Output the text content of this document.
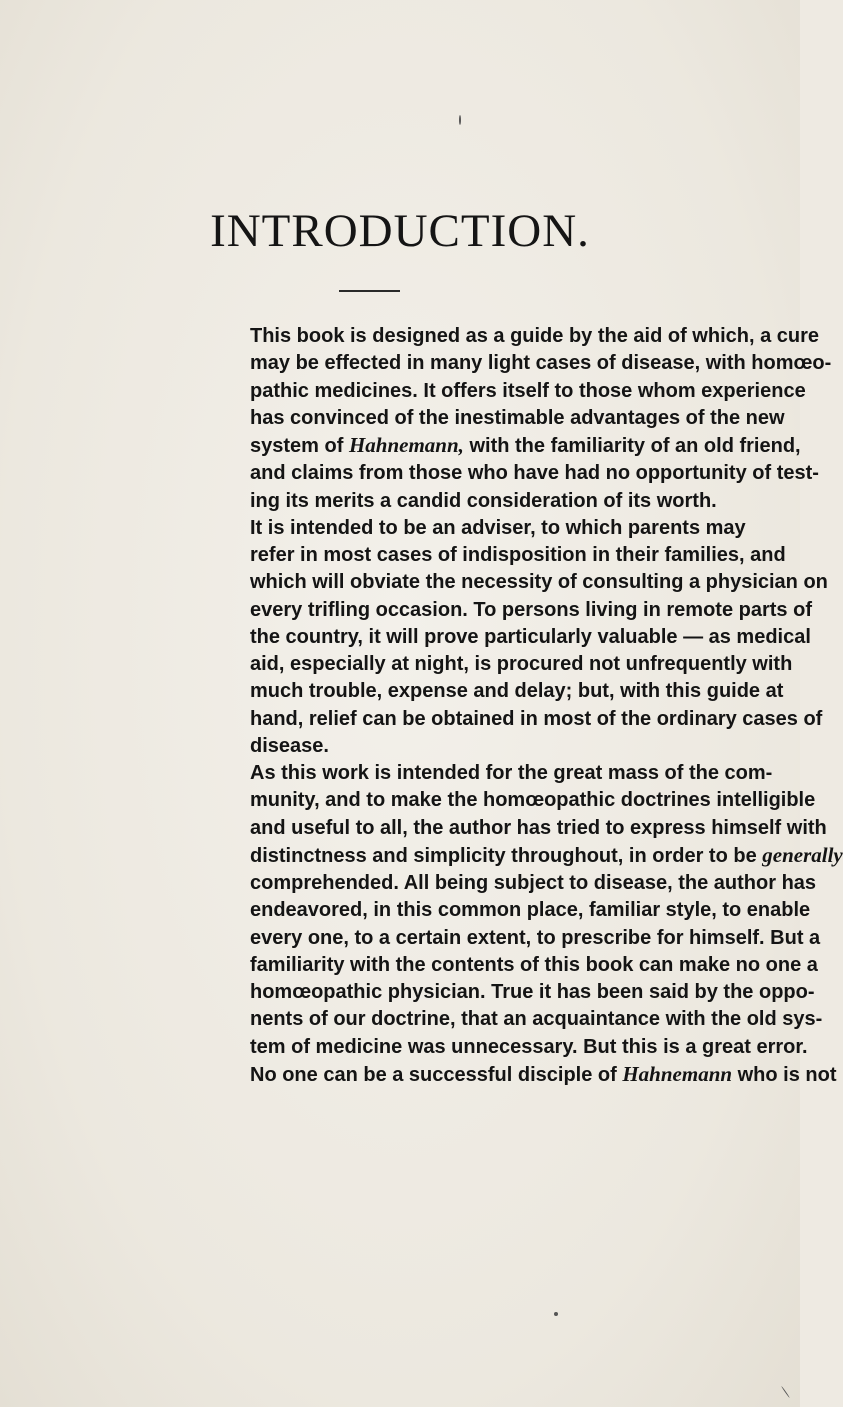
INTRODUCTION.
This book is designed as a guide by the aid of which, a cure
may be effected in many light cases of disease, with homœo-
pathic medicines. It offers itself to those whom experience
has convinced of the inestimable advantages of the new
system of Hahnemann, with the familiarity of an old friend,
and claims from those who have had no opportunity of test-
ing its merits a candid consideration of its worth.
It is intended to be an adviser, to which parents may
refer in most cases of indisposition in their families, and
which will obviate the necessity of consulting a physician on
every trifling occasion. To persons living in remote parts of
the country, it will prove particularly valuable — as medical
aid, especially at night, is procured not unfrequently with
much trouble, expense and delay; but, with this guide at
hand, relief can be obtained in most of the ordinary cases of
disease.
As this work is intended for the great mass of the com-
munity, and to make the homœopathic doctrines intelligible
and useful to all, the author has tried to express himself with
distinctness and simplicity throughout, in order to be generally
comprehended. All being subject to disease, the author has
endeavored, in this common place, familiar style, to enable
every one, to a certain extent, to prescribe for himself. But a
familiarity with the contents of this book can make no one a
homœopathic physician. True it has been said by the oppo-
nents of our doctrine, that an acquaintance with the old sys-
tem of medicine was unnecessary. But this is a great error.
No one can be a successful disciple of Hahnemann who is not
